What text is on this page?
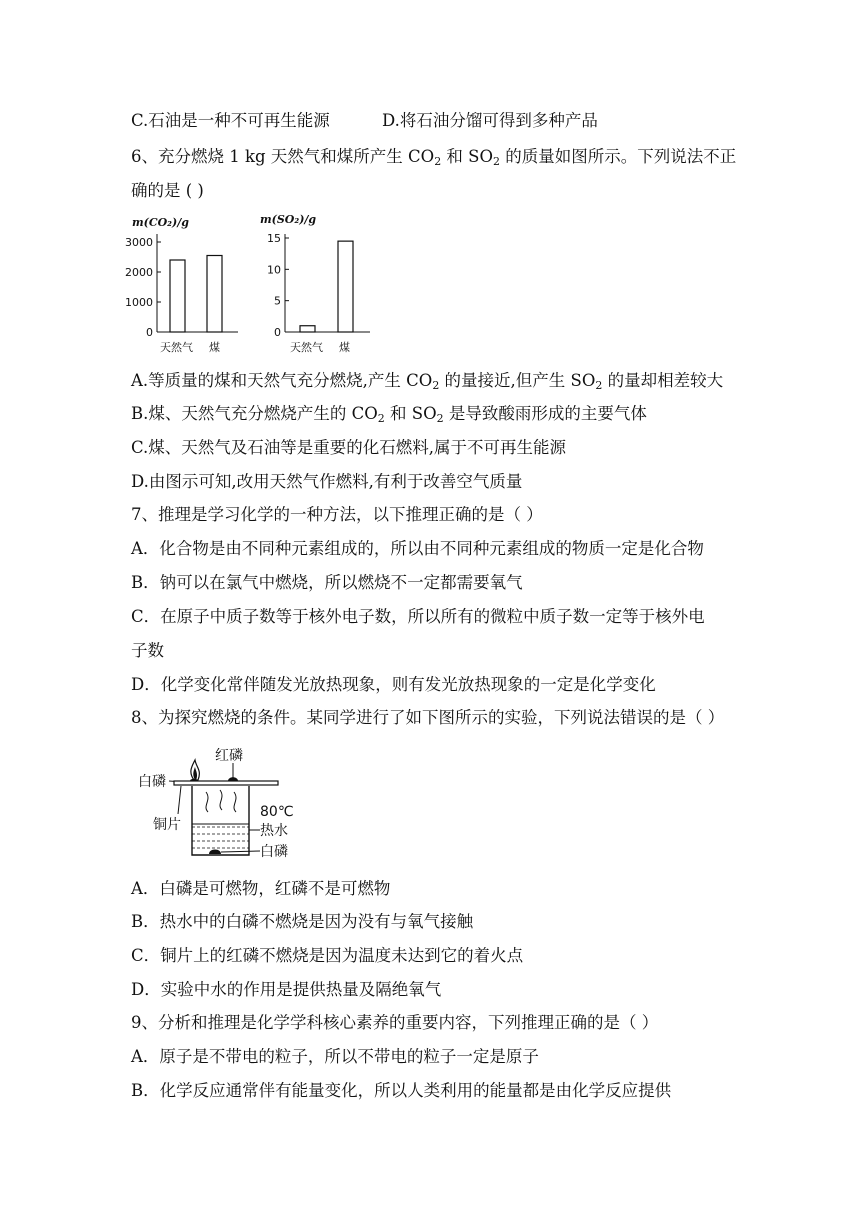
C.石油是一种不可再生能源	D.将石油分馏可得到多种产品
6、充分燃烧 1 kg 天然气和煤所产生 $CO_2$ 和 $SO_2$ 的质量如图所示。下列说法不正
确的是 ( )
m(CO₂)/g
0
1000
2000
3000
天然气 煤
m(SO₂)/g
0
5
10
15
天然气 煤
A.等质量的煤和天然气充分燃烧,产生 $CO_2$ 的量接近,但产生 $SO_2$ 的量却相差较大
B.煤、天然气充分燃烧产生的 $CO_2$ 和 $SO_2$ 是导致酸雨形成的主要气体
C.煤、天然气及石油等是重要的化石燃料,属于不可再生能源
D.由图示可知,改用天然气作燃料,有利于改善空气质量
7、推理是学习化学的一种方法，以下推理正确的是（ ）
A．化合物是由不同种元素组成的，所以由不同种元素组成的物质一定是化合物
B．钠可以在氯气中燃烧，所以燃烧不一定都需要氧气
C．在原子中质子数等于核外电子数，所以所有的微粒中质子数一定等于核外电
子数
D．化学变化常伴随发光放热现象，则有发光放热现象的一定是化学变化
8、为探究燃烧的条件。某同学进行了如下图所示的实验，下列说法错误的是（ ）
红磷
白磷
铜片
80℃
热水
白磷
A．白磷是可燃物，红磷不是可燃物
B．热水中的白磷不燃烧是因为没有与氧气接触
C．铜片上的红磷不燃烧是因为温度未达到它的着火点
D．实验中水的作用是提供热量及隔绝氧气
9、分析和推理是化学学科核心素养的重要内容，下列推理正确的是（ ）
A．原子是不带电的粒子，所以不带电的粒子一定是原子
B．化学反应通常伴有能量变化，所以人类利用的能量都是由化学反应提供
